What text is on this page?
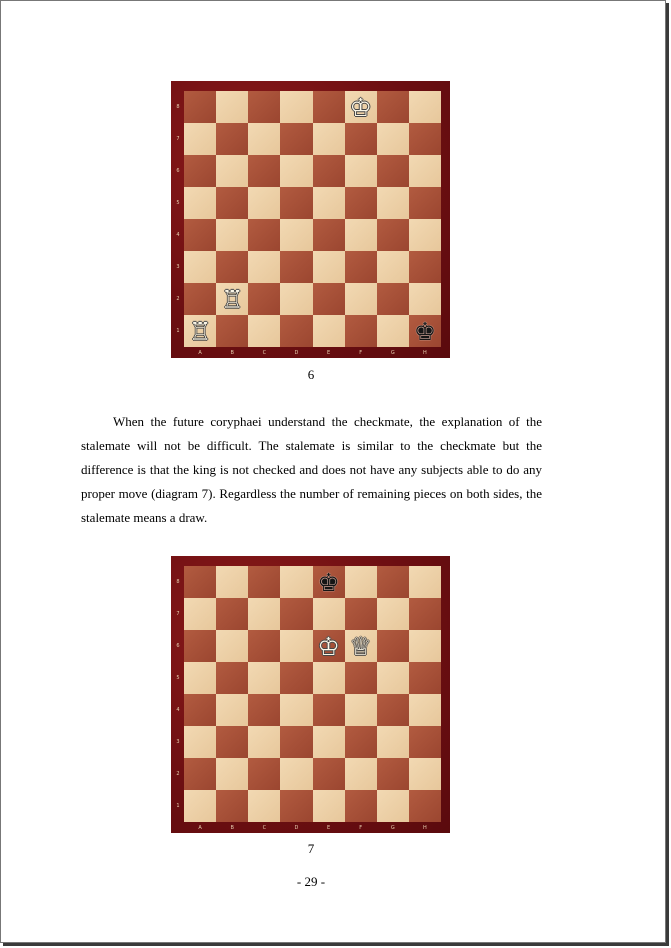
8
7
6
5
4
3
2
1
♔
♖
♖	♚
A	B	C	D	E	F	G	H
6

When the future coryphaei understand the checkmate, the explanation of the stalemate will not be difficult. The stalemate is similar to the checkmate but the difference is that the king is not checked and does not have any subjects able to do any proper move (diagram 7). Regardless the number of remaining pieces on both sides, the stalemate means a draw.

8
7
6
5
4
3
2
1
♚
♔ ♕
A	B	C	D	E	F	G	H
7
- 29 -
